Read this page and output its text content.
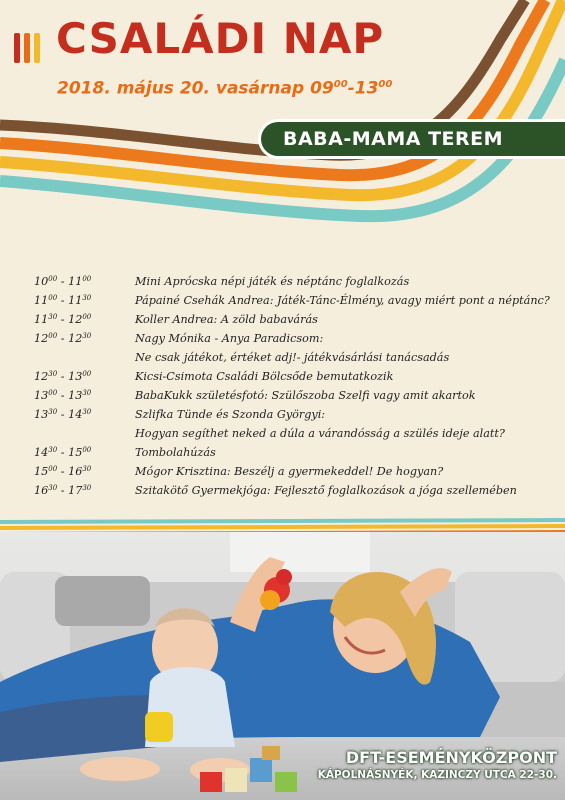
CSALÁDI NAP
2018. május 20. vasárnap $09^{00}-13^{00}$
BABA-MAMA TEREM
$10^{00} - 11^{00}$	Mini Aprócska népi játék és néptánc foglalkozás
$11^{00} - 11^{30}$	Pápainé Csehák Andrea: Játék-Tánc-Élmény, avagy miért pont a néptánc?
$11^{30} - 12^{00}$	Koller Andrea: A zöld babavárás
$12^{00} - 12^{30}$	Nagy Mónika - Anya Paradicsom:
Ne csak játékot, értéket adj!- játékvásárlási tanácsadás
$12^{30} - 13^{00}$	Kicsi-Csimota Családi Bölcsőde bemutatkozik
$13^{00} - 13^{30}$	BabaKukk születésfotó: Szülőszoba Szelfi vagy amit akartok
$13^{30} - 14^{30}$	Szlifka Tünde és Szonda Györgyi:
Hogyan segíthet neked a dúla a várandósság a szülés ideje alatt?
$14^{30} - 15^{00}$	Tombolahúzás
$15^{00} - 16^{30}$	Mógor Krisztina: Beszélj a gyermekeddel! De hogyan?
$16^{30} - 17^{30}$	Szitakötő Gyermekjóga: Fejlesztő foglalkozások a jóga szellemében
DFT-ESEMÉNYKÖZPONT
KÁPOLNÁSNYÉK, KAZINCZY UTCA 22-30.
